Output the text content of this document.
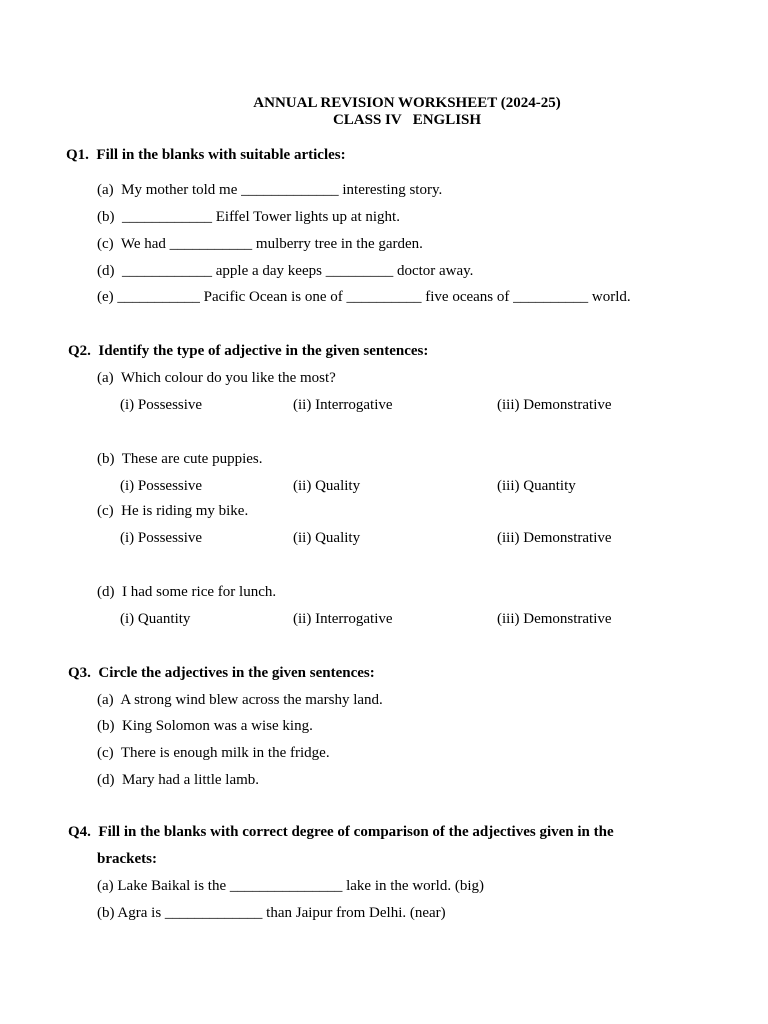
ANNUAL REVISION WORKSHEET (2024-25)
CLASS IV   ENGLISH
Q1.  Fill in the blanks with suitable articles:
(a)  My mother told me _____________ interesting story.
(b)  ____________ Eiffel Tower lights up at night.
(c)  We had ___________ mulberry tree in the garden.
(d)  ____________ apple a day keeps _________ doctor away.
(e) ___________ Pacific Ocean is one of __________ five oceans of __________ world.
Q2.  Identify the type of adjective in the given sentences:
(a)  Which colour do you like the most?
(i) Possessive	(ii) Interrogative	(iii) Demonstrative
(b)  These are cute puppies.
(i) Possessive	(ii) Quality	(iii) Quantity
(c)  He is riding my bike.
(i) Possessive	(ii) Quality	(iii) Demonstrative
(d)  I had some rice for lunch.
(i) Quantity	(ii) Interrogative	(iii) Demonstrative
Q3.  Circle the adjectives in the given sentences:
(a)  A strong wind blew across the marshy land.
(b)  King Solomon was a wise king.
(c)  There is enough milk in the fridge.
(d)  Mary had a little lamb.
Q4.  Fill in the blanks with correct degree of comparison of the adjectives given in the
brackets:
(a) Lake Baikal is the _______________ lake in the world. (big)
(b) Agra is _____________ than Jaipur from Delhi. (near)
